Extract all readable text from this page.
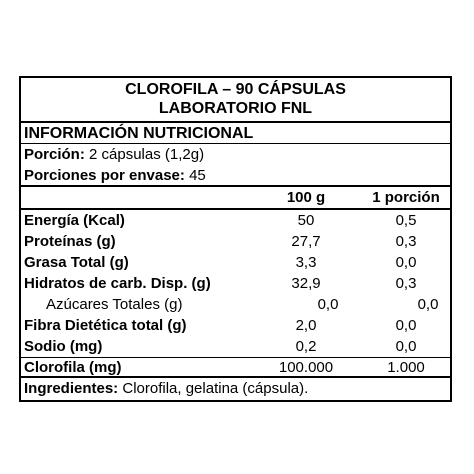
CLOROFILA – 90 CÁPSULAS
LABORATORIO FNL
INFORMACIÓN NUTRICIONAL
Porción: 2 cápsulas (1,2g)
Porciones por envase: 45
100 g	1 porción
Energía (Kcal)	50	0,5
Proteínas (g)	27,7	0,3
Grasa Total (g)	3,3	0,0
Hidratos de carb. Disp. (g)	32,9	0,3
Azúcares Totales (g)	0,0	0,0
Fibra Dietética total (g)	2,0	0,0
Sodio (mg)	0,2	0,0
Clorofila (mg)	100.000	1.000
Ingredientes: Clorofila, gelatina (cápsula).
